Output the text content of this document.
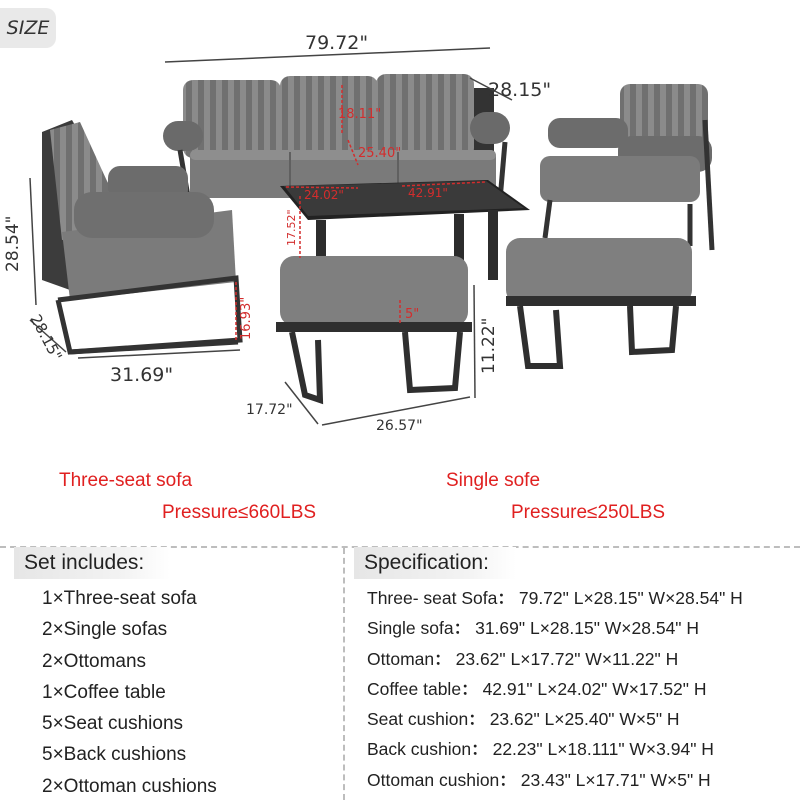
SIZE
79.72"
28.15"
18.11"
25.40"
28.54"
28.15"
31.69"
16.93"
17.52"
24.02"	42.91"
5"
11.22"
17.72"
26.57"
Three-seat sofa
Pressure≤660LBS
Single sofe
Pressure≤250LBS
Set includes:
1×Three-seat sofa
2×Single sofas
2×Ottomans
1×Coffee table
5×Seat cushions
5×Back cushions
2×Ottoman cushions
Specification:
Three- seat Sofa： 79.72" L×28.15" W×28.54" H
Single sofa： 31.69" L×28.15" W×28.54" H
Ottoman： 23.62" L×17.72" W×11.22" H
Coffee table： 42.91" L×24.02" W×17.52" H
Seat cushion： 23.62" L×25.40" W×5" H
Back cushion： 22.23" L×18.111" W×3.94" H
Ottoman cushion： 23.43" L×17.71" W×5" H
